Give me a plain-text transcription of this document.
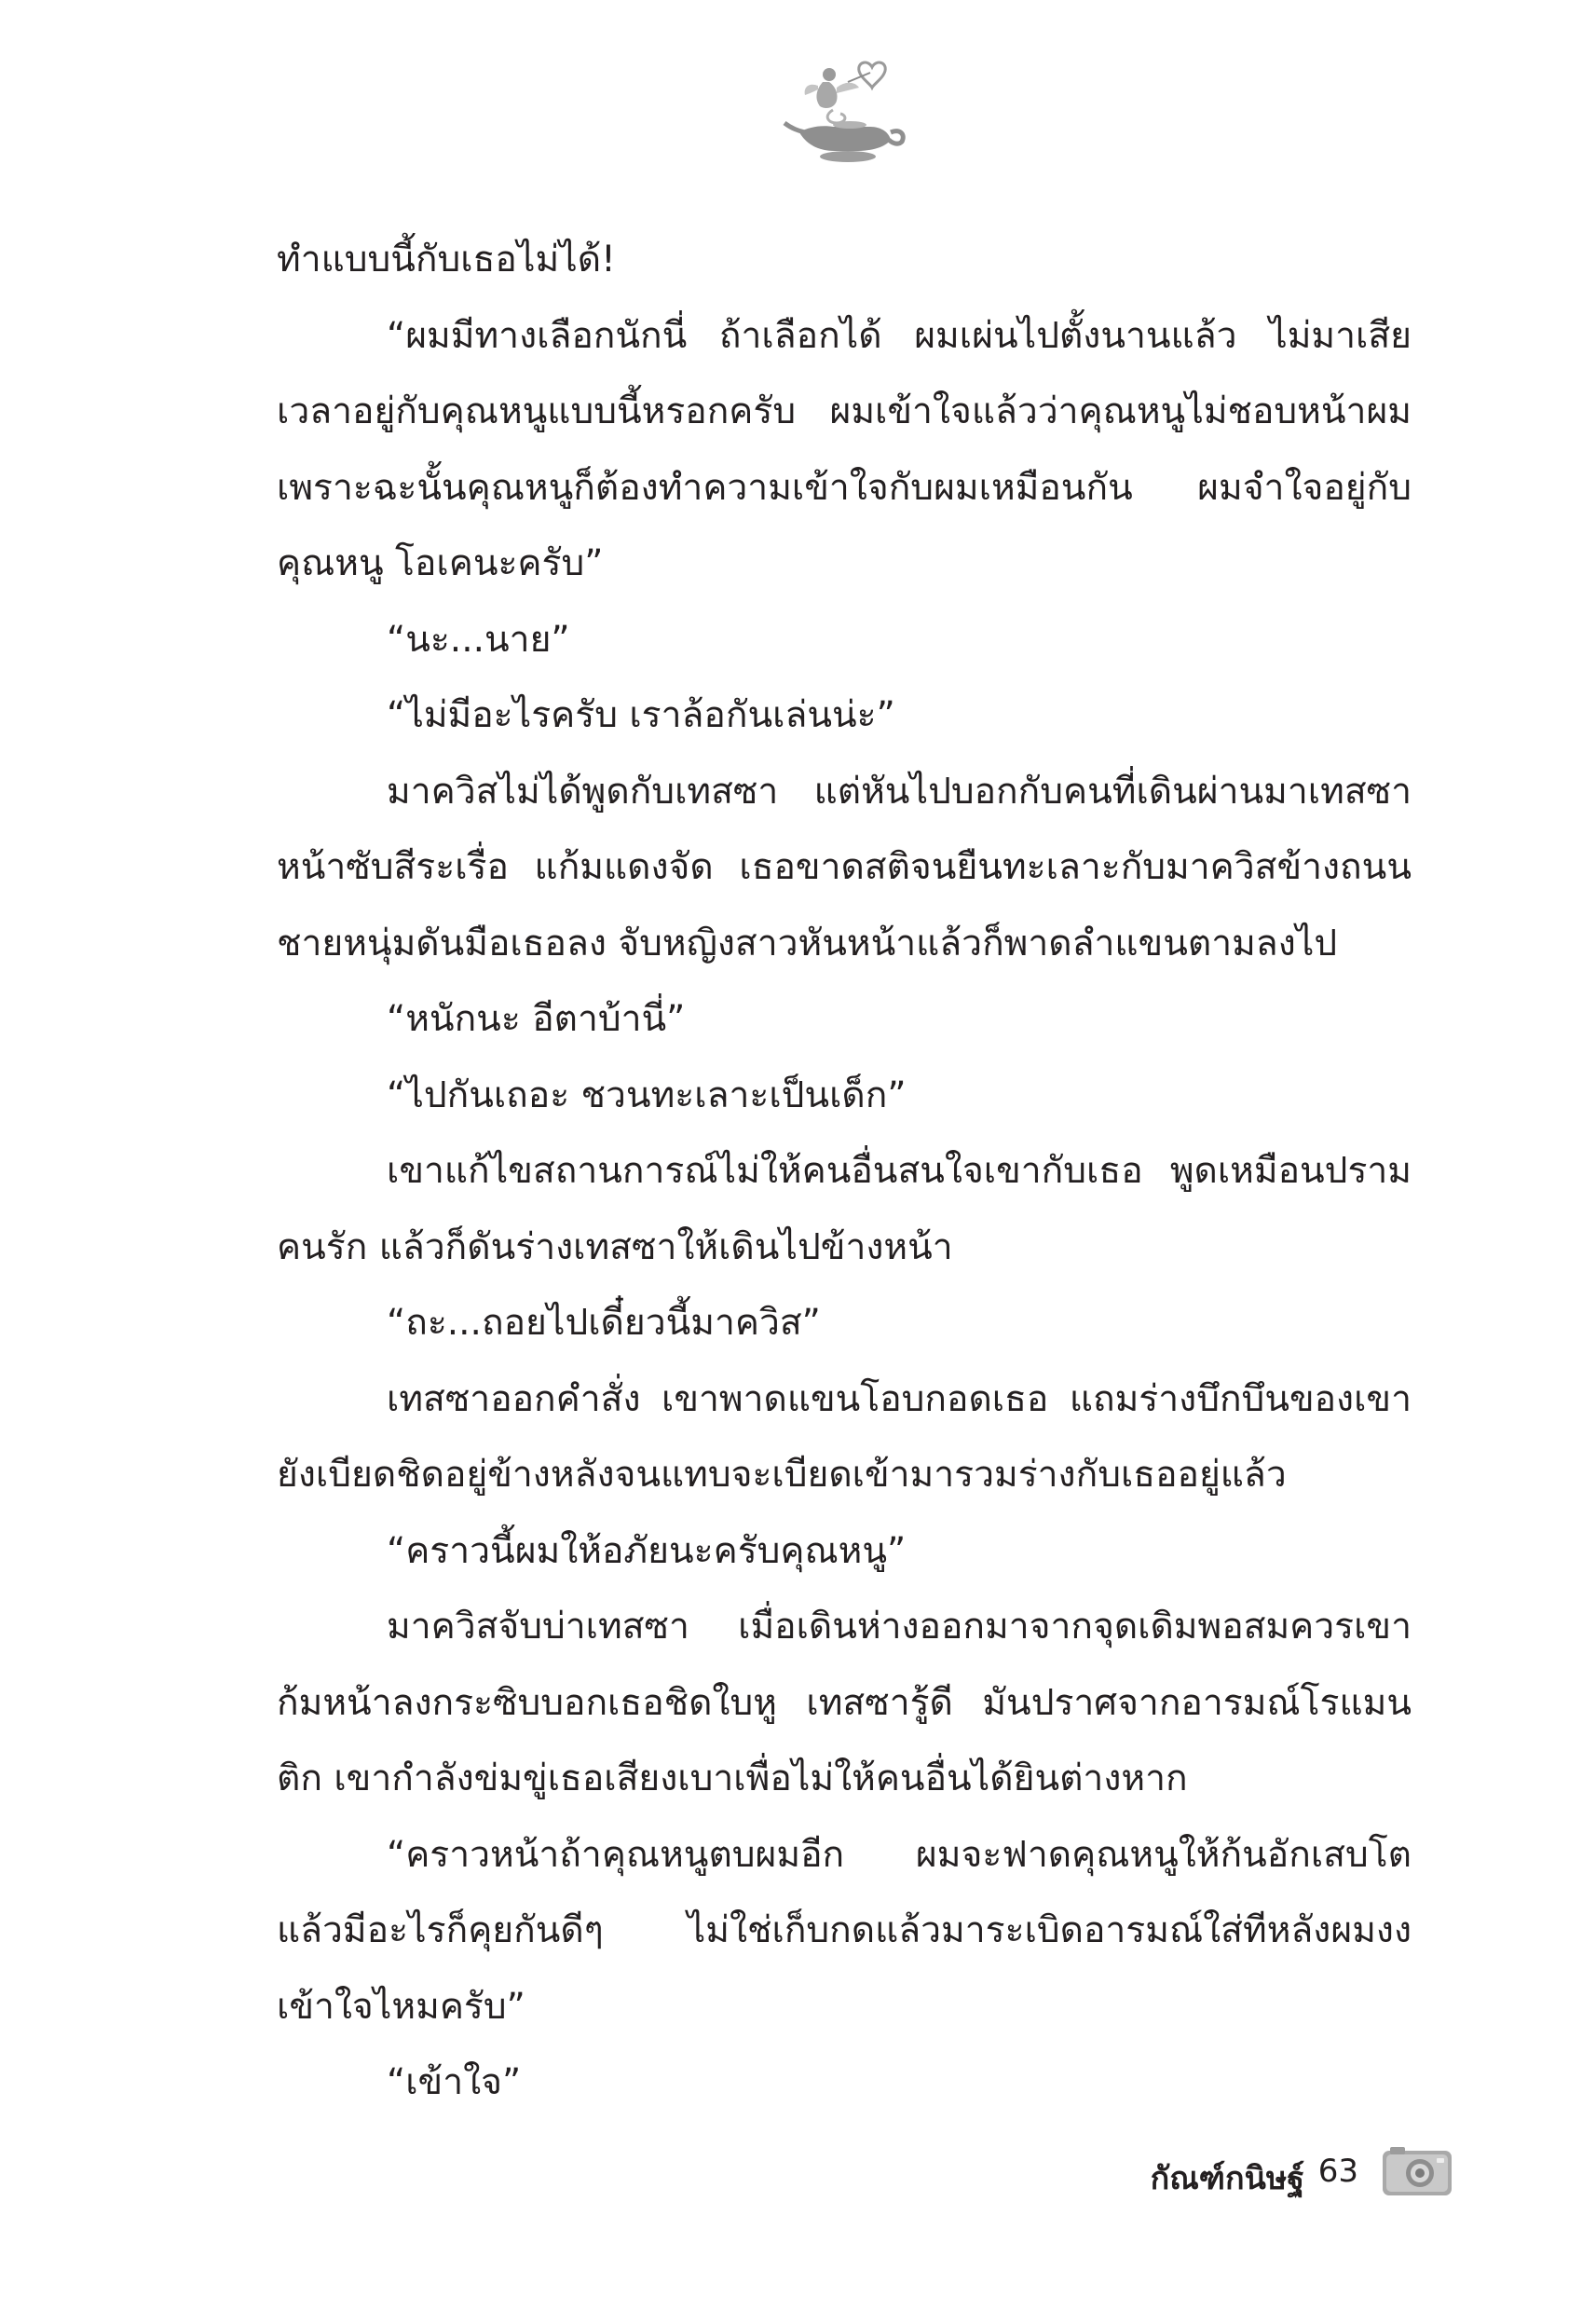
ทำแบบนี้กับเธอไม่ได้!

“ผมมีทางเลือกนักนี่ ถ้าเลือกได้ ผมเผ่นไปตั้งนานแล้ว ไม่มาเสียเวลาอยู่กับคุณหนูแบบนี้หรอกครับ ผมเข้าใจแล้วว่าคุณหนูไม่ชอบหน้าผม เพราะฉะนั้นคุณหนูก็ต้องทำความเข้าใจกับผมเหมือนกัน ผมจำใจอยู่กับคุณหนู โอเคนะครับ”

“นะ...นาย”

“ไม่มีอะไรครับ เราล้อกันเล่นน่ะ”

มาควิสไม่ได้พูดกับเทสซา แต่หันไปบอกกับคนที่เดินผ่านมาเทสซาหน้าซับสีระเรื่อ แก้มแดงจัด เธอขาดสติจนยืนทะเลาะกับมาควิสข้างถนน ชายหนุ่มดันมือเธอลง จับหญิงสาวหันหน้าแล้วก็พาดลำแขนตามลงไป

“หนักนะ อีตาบ้านี่”

“ไปกันเถอะ ชวนทะเลาะเป็นเด็ก”

เขาแก้ไขสถานการณ์ไม่ให้คนอื่นสนใจเขากับเธอ พูดเหมือนปรามคนรัก แล้วก็ดันร่างเทสซาให้เดินไปข้างหน้า

“ถะ...ถอยไปเดี๋ยวนี้มาควิส”

เทสซาออกคำสั่ง เขาพาดแขนโอบกอดเธอ แถมร่างบึกบึนของเขายังเบียดชิดอยู่ข้างหลังจนแทบจะเบียดเข้ามารวมร่างกับเธออยู่แล้ว

“คราวนี้ผมให้อภัยนะครับคุณหนู”

มาควิสจับบ่าเทสซา เมื่อเดินห่างออกมาจากจุดเดิมพอสมควรเขาก้มหน้าลงกระซิบบอกเธอชิดใบหู เทสซารู้ดี มันปราศจากอารมณ์โรแมนติก เขากำลังข่มขู่เธอเสียงเบาเพื่อไม่ให้คนอื่นได้ยินต่างหาก

“คราวหน้าถ้าคุณหนูตบผมอีก ผมจะฟาดคุณหนูให้ก้นอักเสบโตแล้วมีอะไรก็คุยกันดีๆ ไม่ใช่เก็บกดแล้วมาระเบิดอารมณ์ใส่ทีหลังผมงงเข้าใจไหมครับ”

“เข้าใจ”

กัณฑ์กนิษฐ์ 63
